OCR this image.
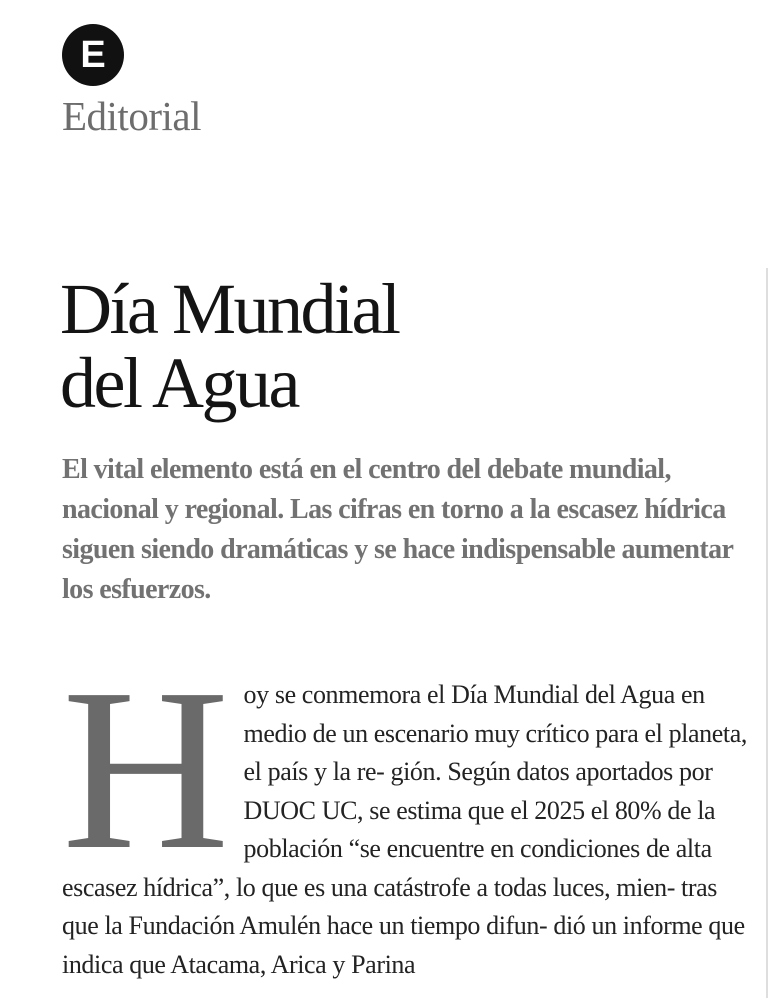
E
Editorial
Día Mundial
del Agua

El vital elemento está en el centro del debate mundial, nacional y regional. Las cifras en torno a la escasez hídrica siguen siendo dramáticas y se hace indispensable aumentar los esfuerzos.

H oy se conmemora el Día Mundial del Agua en medio de un escenario muy crítico para el planeta, el país y la re- gión. Según datos aportados por DUOC UC, se estima que el 2025 el 80% de la población “se encuentre en condiciones de alta escasez hídrica”, lo que es una catástrofe a todas luces, mien- tras que la Fundación Amulén hace un tiempo difun- dió un informe que indica que Atacama, Arica y Parina
